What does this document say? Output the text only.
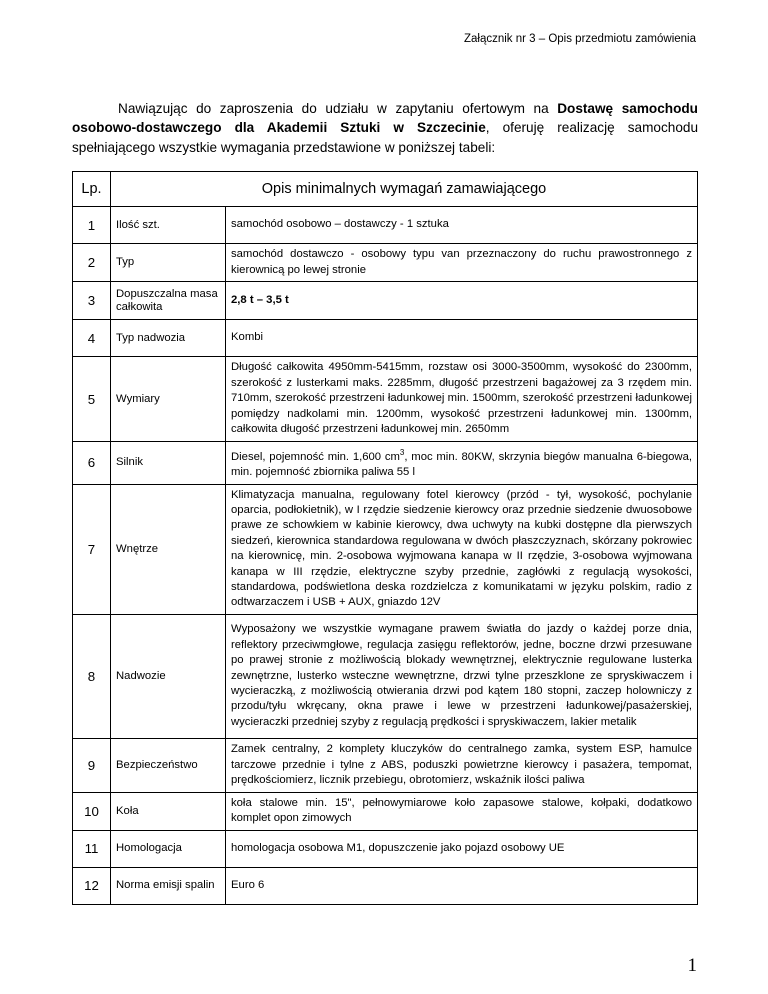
Załącznik nr 3 – Opis przedmiotu zamówienia
Nawiązując do zaproszenia do udziału w zapytaniu ofertowym na Dostawę samochodu osobowo-dostawczego dla Akademii Sztuki w Szczecinie, oferuję realizację samochodu spełniającego wszystkie wymagania przedstawione w poniższej tabeli:
Lp.	Opis minimalnych wymagań zamawiającego	
1	Ilość szt.	samochód osobowo – dostawczy - 1 sztuka
2	Typ	samochód dostawczo - osobowy typu van przeznaczony do ruchu prawostronnego z kierownicą po lewej stronie
3	Dopuszczalna masa całkowita	2,8 t – 3,5 t
4	Typ nadwozia	Kombi
5	Wymiary	Długość całkowita 4950mm-5415mm, rozstaw osi 3000-3500mm, wysokość do 2300mm, szerokość z lusterkami maks. 2285mm, długość przestrzeni bagażowej za 3 rzędem min. 710mm, szerokość przestrzeni ładunkowej min. 1500mm, szerokość przestrzeni ładunkowej pomiędzy nadkolami min. 1200mm, wysokość przestrzeni ładunkowej min. 1300mm, całkowita długość przestrzeni ładunkowej min. 2650mm
6	Silnik	Diesel, pojemność min. 1,600 $cm^3$, moc min. 80KW, skrzynia biegów manualna 6-biegowa, min. pojemność zbiornika paliwa 55 l
7	Wnętrze	Klimatyzacja manualna, regulowany fotel kierowcy (przód - tył, wysokość, pochylanie oparcia, podłokietnik), w I rzędzie siedzenie kierowcy oraz przednie siedzenie dwuosobowe prawe ze schowkiem w kabinie kierowcy, dwa uchwyty na kubki dostępne dla pierwszych siedzeń, kierownica standardowa regulowana w dwóch płaszczyznach, skórzany pokrowiec na kierownicę, min. 2-osobowa wyjmowana kanapa w II rzędzie, 3-osobowa wyjmowana kanapa w III rzędzie, elektryczne szyby przednie, zagłówki z regulacją wysokości, standardowa, podświetlona deska rozdzielcza z komunikatami w języku polskim, radio z odtwarzaczem i USB + AUX, gniazdo 12V
8	Nadwozie	Wyposażony we wszystkie wymagane prawem światła do jazdy o każdej porze dnia, reflektory przeciwmgłowe, regulacja zasięgu reflektorów, jedne, boczne drzwi przesuwane po prawej stronie z możliwością blokady wewnętrznej, elektrycznie regulowane lusterka zewnętrzne, lusterko wsteczne wewnętrzne, drzwi tylne przeszklone ze spryskiwaczem i wycieraczką, z możliwością otwierania drzwi pod kątem 180 stopni, zaczep holowniczy z przodu/tyłu wkręcany, okna prawe i lewe w przestrzeni ładunkowej/pasażerskiej, wycieraczki przedniej szyby z regulacją prędkości i spryskiwaczem, lakier metalik
9	Bezpieczeństwo	Zamek centralny, 2 komplety kluczyków do centralnego zamka, system ESP, hamulce tarczowe przednie i tylne z ABS, poduszki powietrzne kierowcy i pasażera, tempomat, prędkościomierz, licznik przebiegu, obrotomierz, wskaźnik ilości paliwa
10	Koła	koła stalowe min. 15", pełnowymiarowe koło zapasowe stalowe, kołpaki, dodatkowo komplet opon zimowych
11	Homologacja	homologacja osobowa M1, dopuszczenie jako pojazd osobowy UE
12	Norma emisji spalin	Euro 6
1
